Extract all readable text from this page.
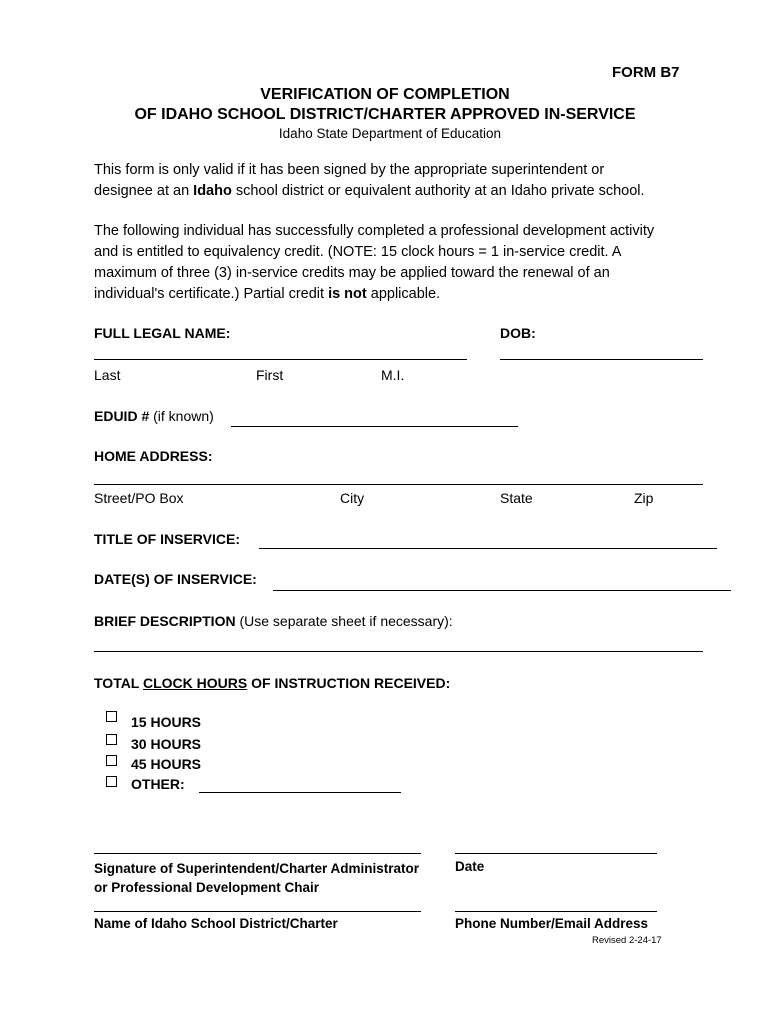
FORM B7
VERIFICATION OF COMPLETION
OF IDAHO SCHOOL DISTRICT/CHARTER APPROVED IN-SERVICE
Idaho State Department of Education
This form is only valid if it has been signed by the appropriate superintendent or
designee at an Idaho school district or equivalent authority at an Idaho private school.
The following individual has successfully completed a professional development activity
and is entitled to equivalency credit. (NOTE: 15 clock hours = 1 in-service credit. A
maximum of three (3) in-service credits may be applied toward the renewal of an
individual's certificate.) Partial credit is not applicable.
FULL LEGAL NAME:	DOB:
Last	First	M.I.
EDUID # (if known)
HOME ADDRESS:
Street/PO Box	City	State	Zip
TITLE OF INSERVICE:
DATE(S) OF INSERVICE:
BRIEF DESCRIPTION (Use separate sheet if necessary):
TOTAL CLOCK HOURS OF INSTRUCTION RECEIVED:
15 HOURS
30 HOURS
45 HOURS
OTHER:
Signature of Superintendent/Charter Administrator
or Professional Development Chair
Date
Name of Idaho School District/Charter	Phone Number/Email Address
Revised 2-24-17
